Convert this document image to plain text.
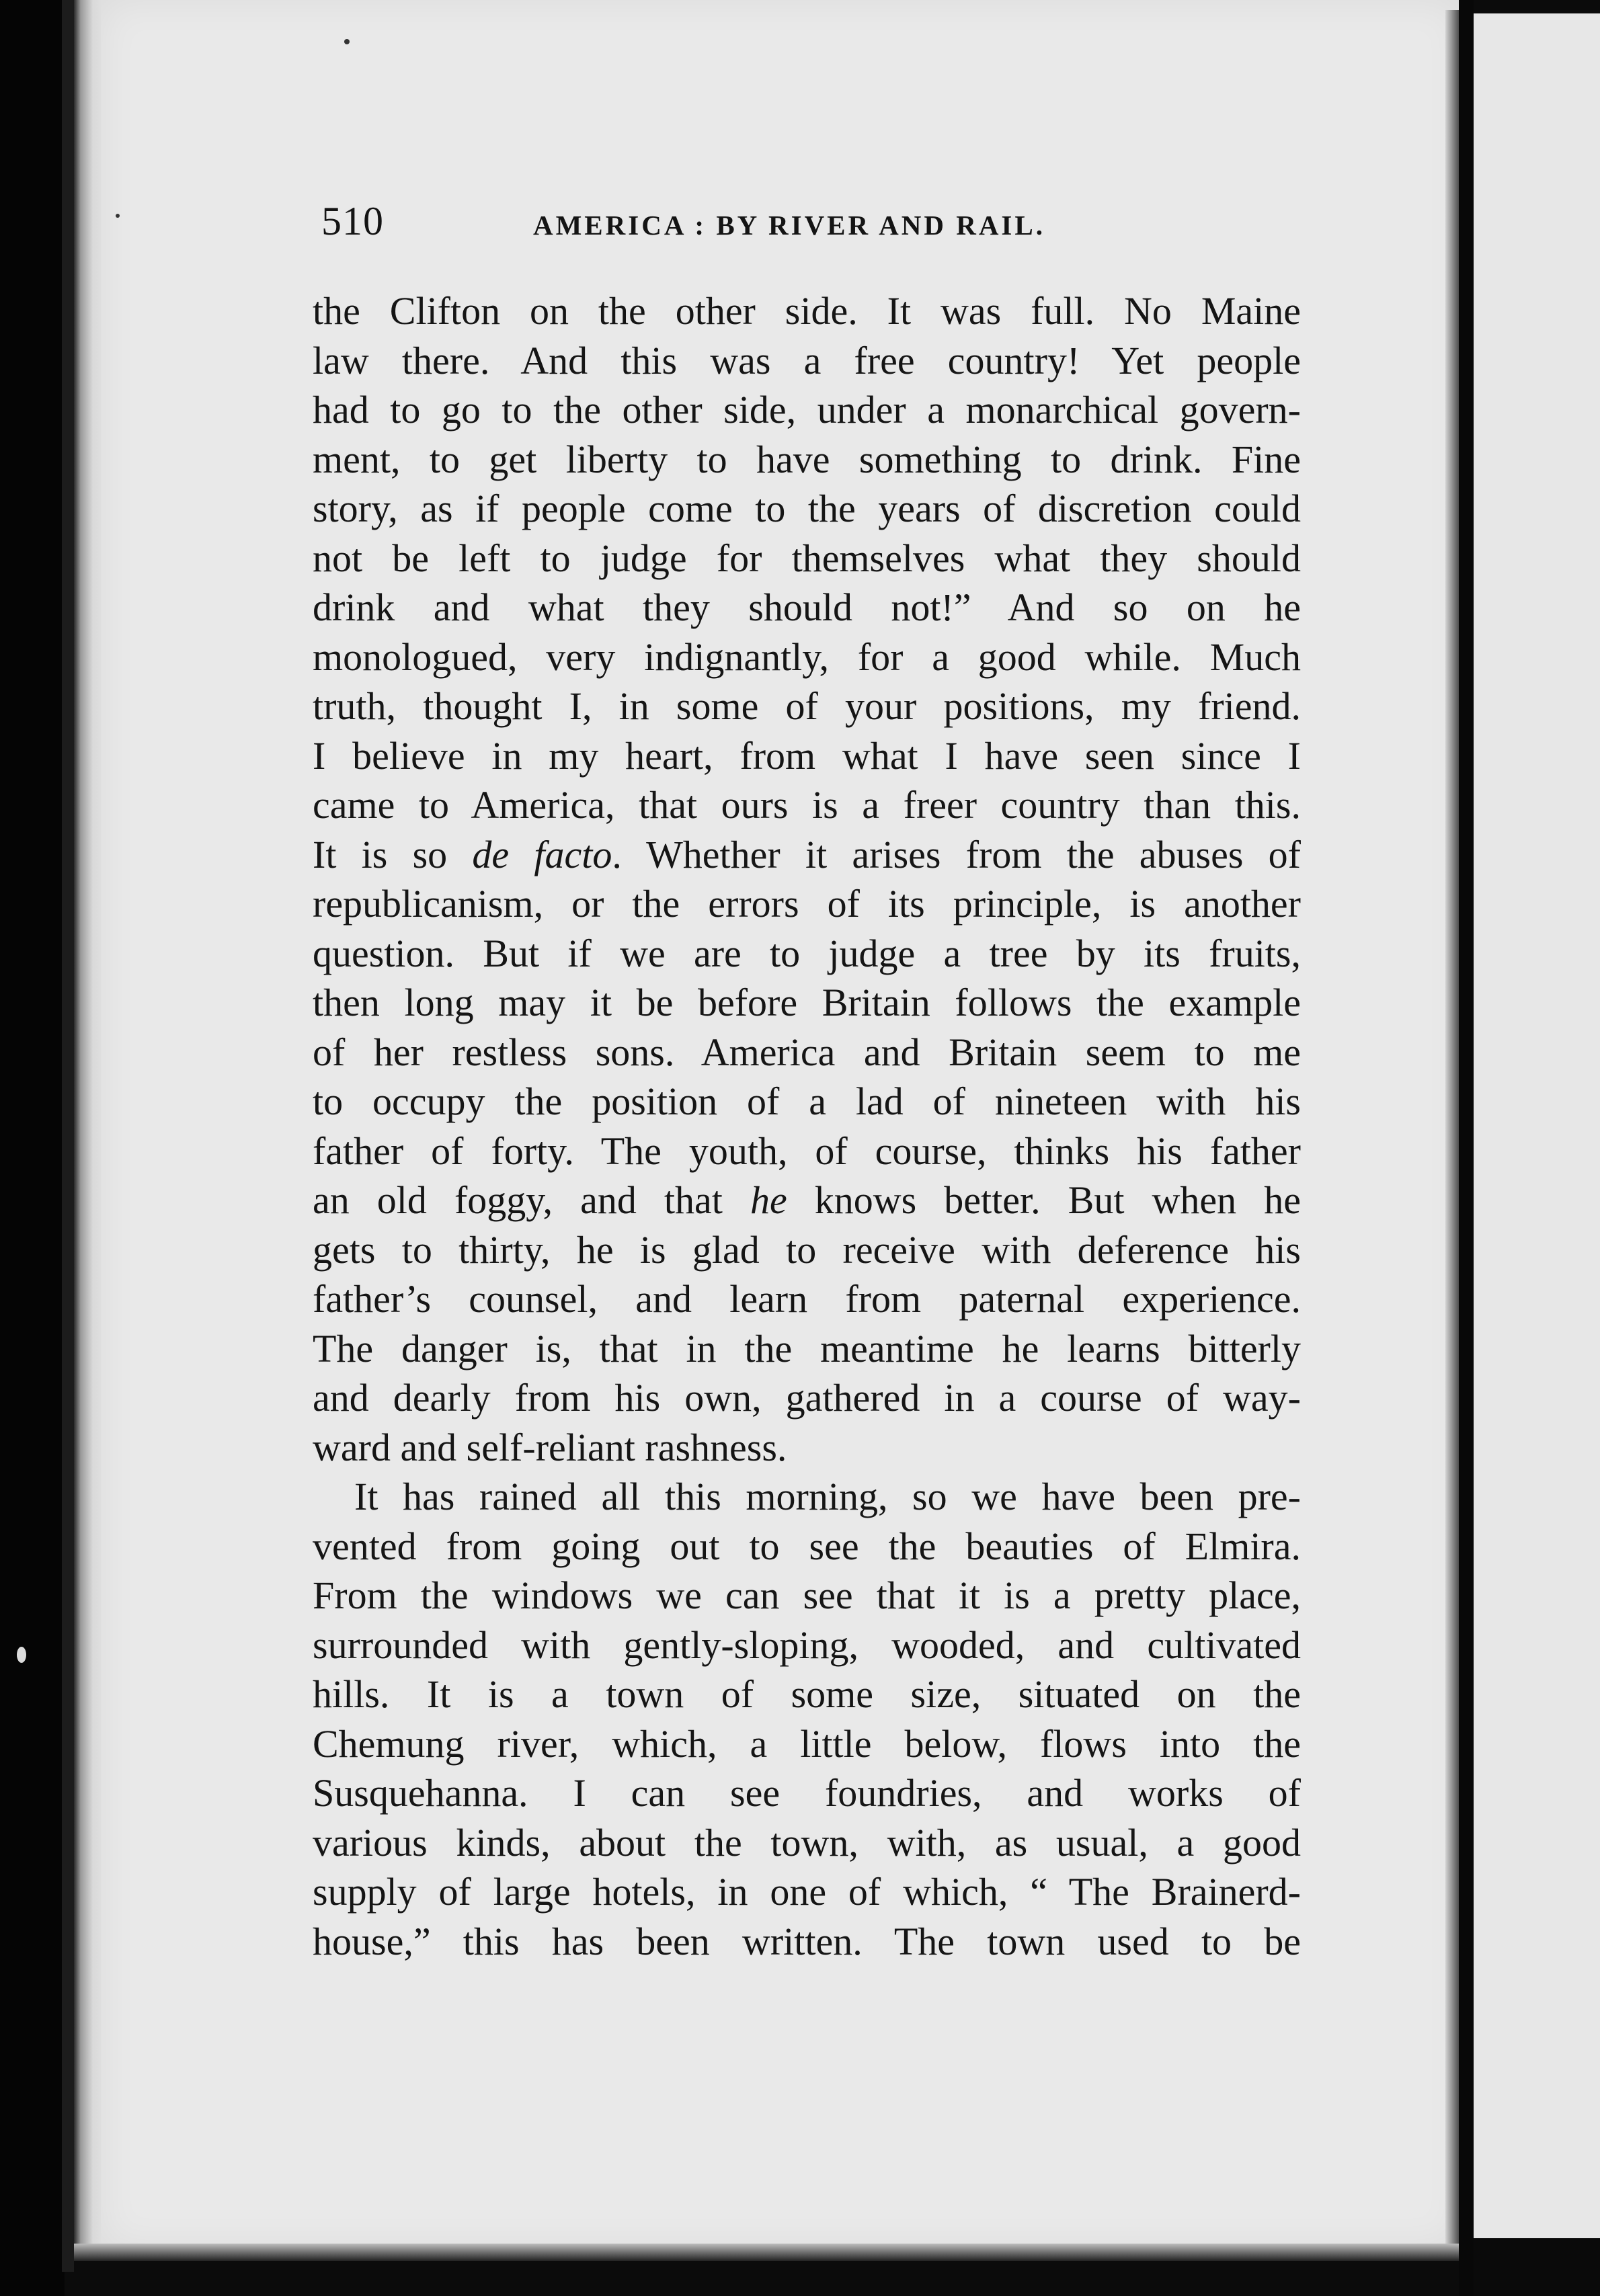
510	AMERICA : BY RIVER AND RAIL.
the Clifton on the other side. It was full. No Maine
law there. And this was a free country! Yet people
had to go to the other side, under a monarchical govern-
ment, to get liberty to have something to drink. Fine
story, as if people come to the years of discretion could
not be left to judge for themselves what they should
drink and what they should not!” And so on he
monologued, very indignantly, for a good while. Much
truth, thought I, in some of your positions, my friend.
I believe in my heart, from what I have seen since I
came to America, that ours is a freer country than this.
It is so de facto. Whether it arises from the abuses of
republicanism, or the errors of its principle, is another
question. But if we are to judge a tree by its fruits,
then long may it be before Britain follows the example
of her restless sons. America and Britain seem to me
to occupy the position of a lad of nineteen with his
father of forty. The youth, of course, thinks his father
an old foggy, and that he knows better. But when he
gets to thirty, he is glad to receive with deference his
father’s counsel, and learn from paternal experience.
The danger is, that in the meantime he learns bitterly
and dearly from his own, gathered in a course of way-
ward and self-reliant rashness.
It has rained all this morning, so we have been pre-
vented from going out to see the beauties of Elmira.
From the windows we can see that it is a pretty place,
surrounded with gently-sloping, wooded, and cultivated
hills. It is a town of some size, situated on the
Chemung river, which, a little below, flows into the
Susquehanna. I can see foundries, and works of
various kinds, about the town, with, as usual, a good
supply of large hotels, in one of which, “ The Brainerd-
house,” this has been written. The town used to be
